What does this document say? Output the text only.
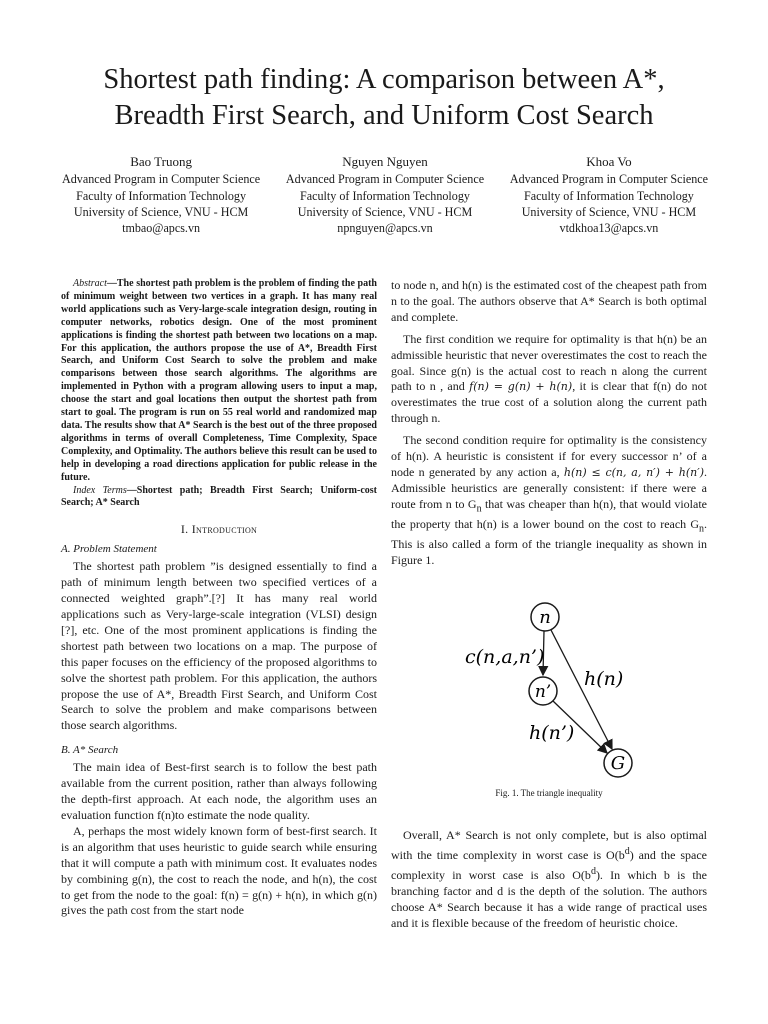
Shortest path finding: A comparison between A*,
Breadth First Search, and Uniform Cost Search
Bao Truong
Advanced Program in Computer Science
Faculty of Information Technology
University of Science, VNU - HCM
tmbao@apcs.vn
Nguyen Nguyen
Advanced Program in Computer Science
Faculty of Information Technology
University of Science, VNU - HCM
npnguyen@apcs.vn
Khoa Vo
Advanced Program in Computer Science
Faculty of Information Technology
University of Science, VNU - HCM
vtdkhoa13@apcs.vn

Abstract—The shortest path problem is the problem of finding the path of minimum weight between two vertices in a graph. It has many real world applications such as Very-large-scale integration design, routing in computer networks, robotics design. One of the most prominent applications is finding the shortest path between two locations on a map. For this application, the authors propose the use of A*, Breadth First Search, and Uniform Cost Search to solve the problem and make comparisons between those search algorithms. The algorithms are implemented in Python with a program allowing users to input a map, choose the start and goal locations then output the shortest path from start to goal. The program is run on 55 real world and randomized map data. The results show that A* Search is the best out of the three proposed algorithms in terms of overall Completeness, Time Complexity, Space Complexity, and Optimality. The authors believe this result can be used to help in developing a road directions application for public release in the future.

Index Terms—Shortest path; Breadth First Search; Uniform-cost Search; A* Search

I. Introduction
A. Problem Statement

The shortest path problem ”is designed essentially to find a path of minimum length between two specified vertices of a connected weighted graph”.[?] It has many real world applications such as Very-large-scale integration (VLSI) design [?], etc. One of the most prominent applications is finding the shortest path between two locations on a map. The purpose of this paper focuses on the efficiency of the proposed algorithms to solve the shortest path problem. For this application, the authors propose the use of A*, Breadth First Search, and Uniform Cost Search to solve the problem and make comparisons between those search algorithms.

B. A* Search

The main idea of Best-first search is to follow the best path available from the current position, rather than always following the depth-first approach. At each node, the algorithm uses an evaluation function f(n)to estimate the node quality.

A, perhaps the most widely known form of best-first search. It is an algorithm that uses heuristic to guide search while ensuring that it will compute a path with minimum cost. It evaluates nodes by combining g(n), the cost to reach the node, and h(n), the cost to get from the node to the goal: f(n) = g(n) + h(n), in which g(n) gives the path cost from the start node

to node n, and h(n) is the estimated cost of the cheapest path from n to the goal. The authors observe that A* Search is both optimal and complete.

The first condition we require for optimality is that h(n) be an admissible heuristic that never overestimates the cost to reach the goal. Since g(n) is the actual cost to reach n along the current path to n , and f(n) = g(n) + h(n), it is clear that f(n) do not overestimates the true cost of a solution along the current path through n.

The second condition require for optimality is the consistency of h(n). A heuristic is consistent if for every successor n’ of a node n generated by any action a, h(n) ≤ c(n, a, n′) + h(n′). Admissible heuristics are generally consistent: if there were a route from n to $G_n$ that was cheaper than h(n), that would violate the property that h(n) is a lower bound on the cost to reach $G_n$. This is also called a form of the triangle inequality as shown in Figure 1.

n
n’
G
c(n,a,n’)
h(n)
h(n’)
Fig. 1. The triangle inequality

Overall, A* Search is not only complete, but is also optimal with the time complexity in worst case is $O(b^d)$ and the space complexity in worst case is also $O(b^d)$. In which b is the branching factor and d is the depth of the solution. The authors choose A* Search because it has a wide range of practical uses and it is flexible because of the freedom of heuristic choice.
